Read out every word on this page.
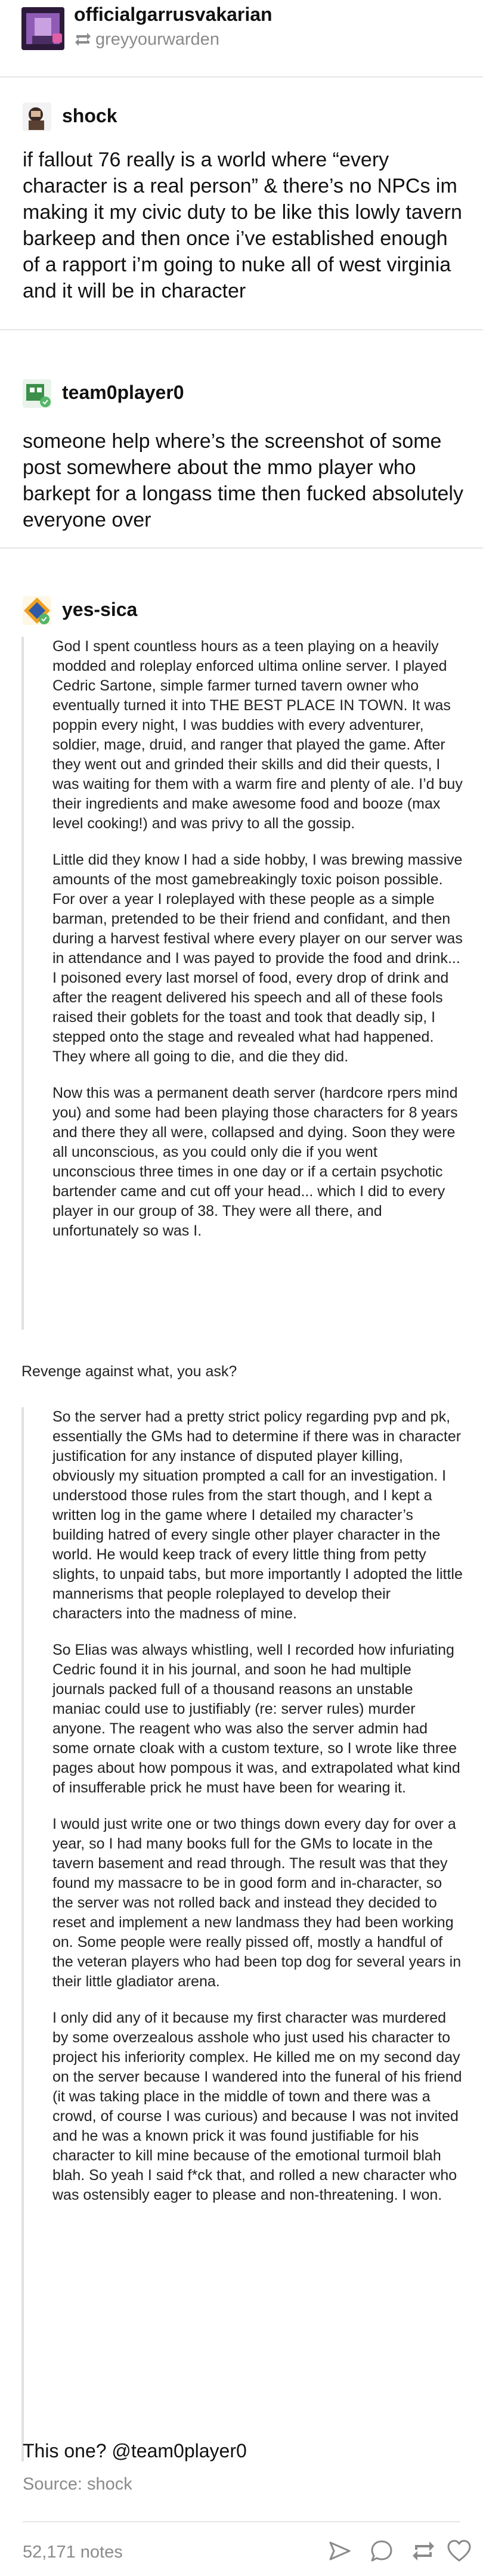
officialgarrusvakarian
greyyourwarden
shock
if fallout 76 really is a world where “every character is a real person” & there’s no NPCs im making it my civic duty to be like this lowly tavern barkeep and then once i’ve established enough of a rapport i’m going to nuke all of west virginia and it will be in character
team0player0
someone help where’s the screenshot of some post somewhere about the mmo player who barkept for a longass time then fucked absolutely everyone over
yes-sica

God I spent countless hours as a teen playing on a heavily modded and roleplay enforced ultima online server. I played Cedric Sartone, simple farmer turned tavern owner who eventually turned it into THE BEST PLACE IN TOWN. It was poppin every night, I was buddies with every adventurer, soldier, mage, druid, and ranger that played the game. After they went out and grinded their skills and did their quests, I was waiting for them with a warm fire and plenty of ale. I’d buy their ingredients and make awesome food and booze (max level cooking!) and was privy to all the gossip.

Little did they know I had a side hobby, I was brewing massive amounts of the most gamebreakingly toxic poison possible. For over a year I roleplayed with these people as a simple barman, pretended to be their friend and confidant, and then during a harvest festival where every player on our server was in attendance and I was payed to provide the food and drink... I poisoned every last morsel of food, every drop of drink and after the reagent delivered his speech and all of these fools raised their goblets for the toast and took that deadly sip, I stepped onto the stage and revealed what had happened. They where all going to die, and die they did.

Now this was a permanent death server (hardcore rpers mind you) and some had been playing those characters for 8 years and there they all were, collapsed and dying. Soon they were all unconscious, as you could only die if you went unconscious three times in one day or if a certain psychotic bartender came and cut off your head... which I did to every player in our group of 38. They were all there, and unfortunately so was I.

Revenge against what, you ask?

So the server had a pretty strict policy regarding pvp and pk, essentially the GMs had to determine if there was in character justification for any instance of disputed player killing, obviously my situation prompted a call for an investigation. I understood those rules from the start though, and I kept a written log in the game where I detailed my character’s building hatred of every single other player character in the world. He would keep track of every little thing from petty slights, to unpaid tabs, but more importantly I adopted the little mannerisms that people roleplayed to develop their characters into the madness of mine.

So Elias was always whistling, well I recorded how infuriating Cedric found it in his journal, and soon he had multiple journals packed full of a thousand reasons an unstable maniac could use to justifiably (re: server rules) murder anyone. The reagent who was also the server admin had some ornate cloak with a custom texture, so I wrote like three pages about how pompous it was, and extrapolated what kind of insufferable prick he must have been for wearing it.

I would just write one or two things down every day for over a year, so I had many books full for the GMs to locate in the tavern basement and read through. The result was that they found my massacre to be in good form and in-character, so the server was not rolled back and instead they decided to reset and implement a new landmass they had been working on. Some people were really pissed off, mostly a handful of the veteran players who had been top dog for several years in their little gladiator arena.

I only did any of it because my first character was murdered by some overzealous asshole who just used his character to project his inferiority complex. He killed me on my second day on the server because I wandered into the funeral of his friend (it was taking place in the middle of town and there was a crowd, of course I was curious) and because I was not invited and he was a known prick it was found justifiable for his character to kill mine because of the emotional turmoil blah blah. So yeah I said f*ck that, and rolled a new character who was ostensibly eager to please and non-threatening. I won.

This one? @team0player0
Source: shock
52,171 notes
